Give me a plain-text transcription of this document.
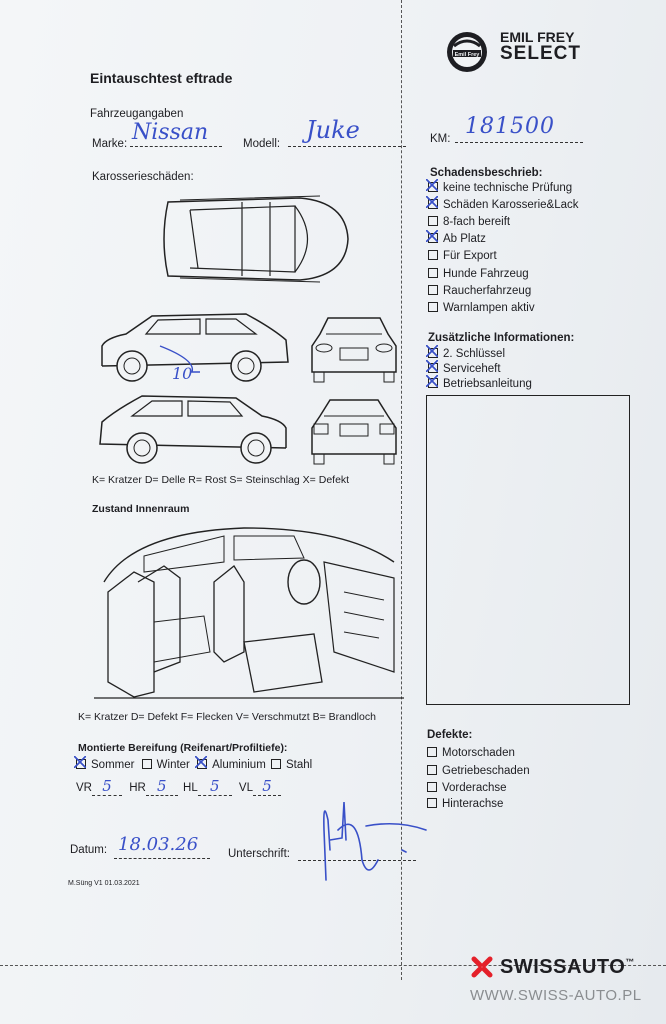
Emil Frey
EMIL FREY
SELECT
Eintauschtest eftrade
Fahrzeugangaben
Marke: Nissan	Modell: Juke	KM: 181500
Karosserieschäden:
10
K= Kratzer D= Delle R= Rost S= Steinschlag X= Defekt
Zustand Innenraum
K= Kratzer D= Defekt F= Flecken V= Verschmutzt B= Brandloch
Montierte Bereifung (Reifenart/Profiltiefe):
Sommer Winter Aluminium Stahl
VR 5 HR 5 HL 5 VL 5
Datum: 18.03.26	Unterschrift:
M.Süng V1 01.03.2021
Schadensbeschrieb:
keine technische Prüfung
Schäden Karosserie&Lack
8-fach bereift
Ab Platz
Für Export
Hunde Fahrzeug
Raucherfahrzeug
Warnlampen aktiv
Zusätzliche Informationen:
2. Schlüssel
Serviceheft
Betriebsanleitung
Defekte:
Motorschaden
Getriebeschaden
Vorderachse
Hinterachse
SWISS AUTO ™
WWW.SWISS-AUTO.PL
